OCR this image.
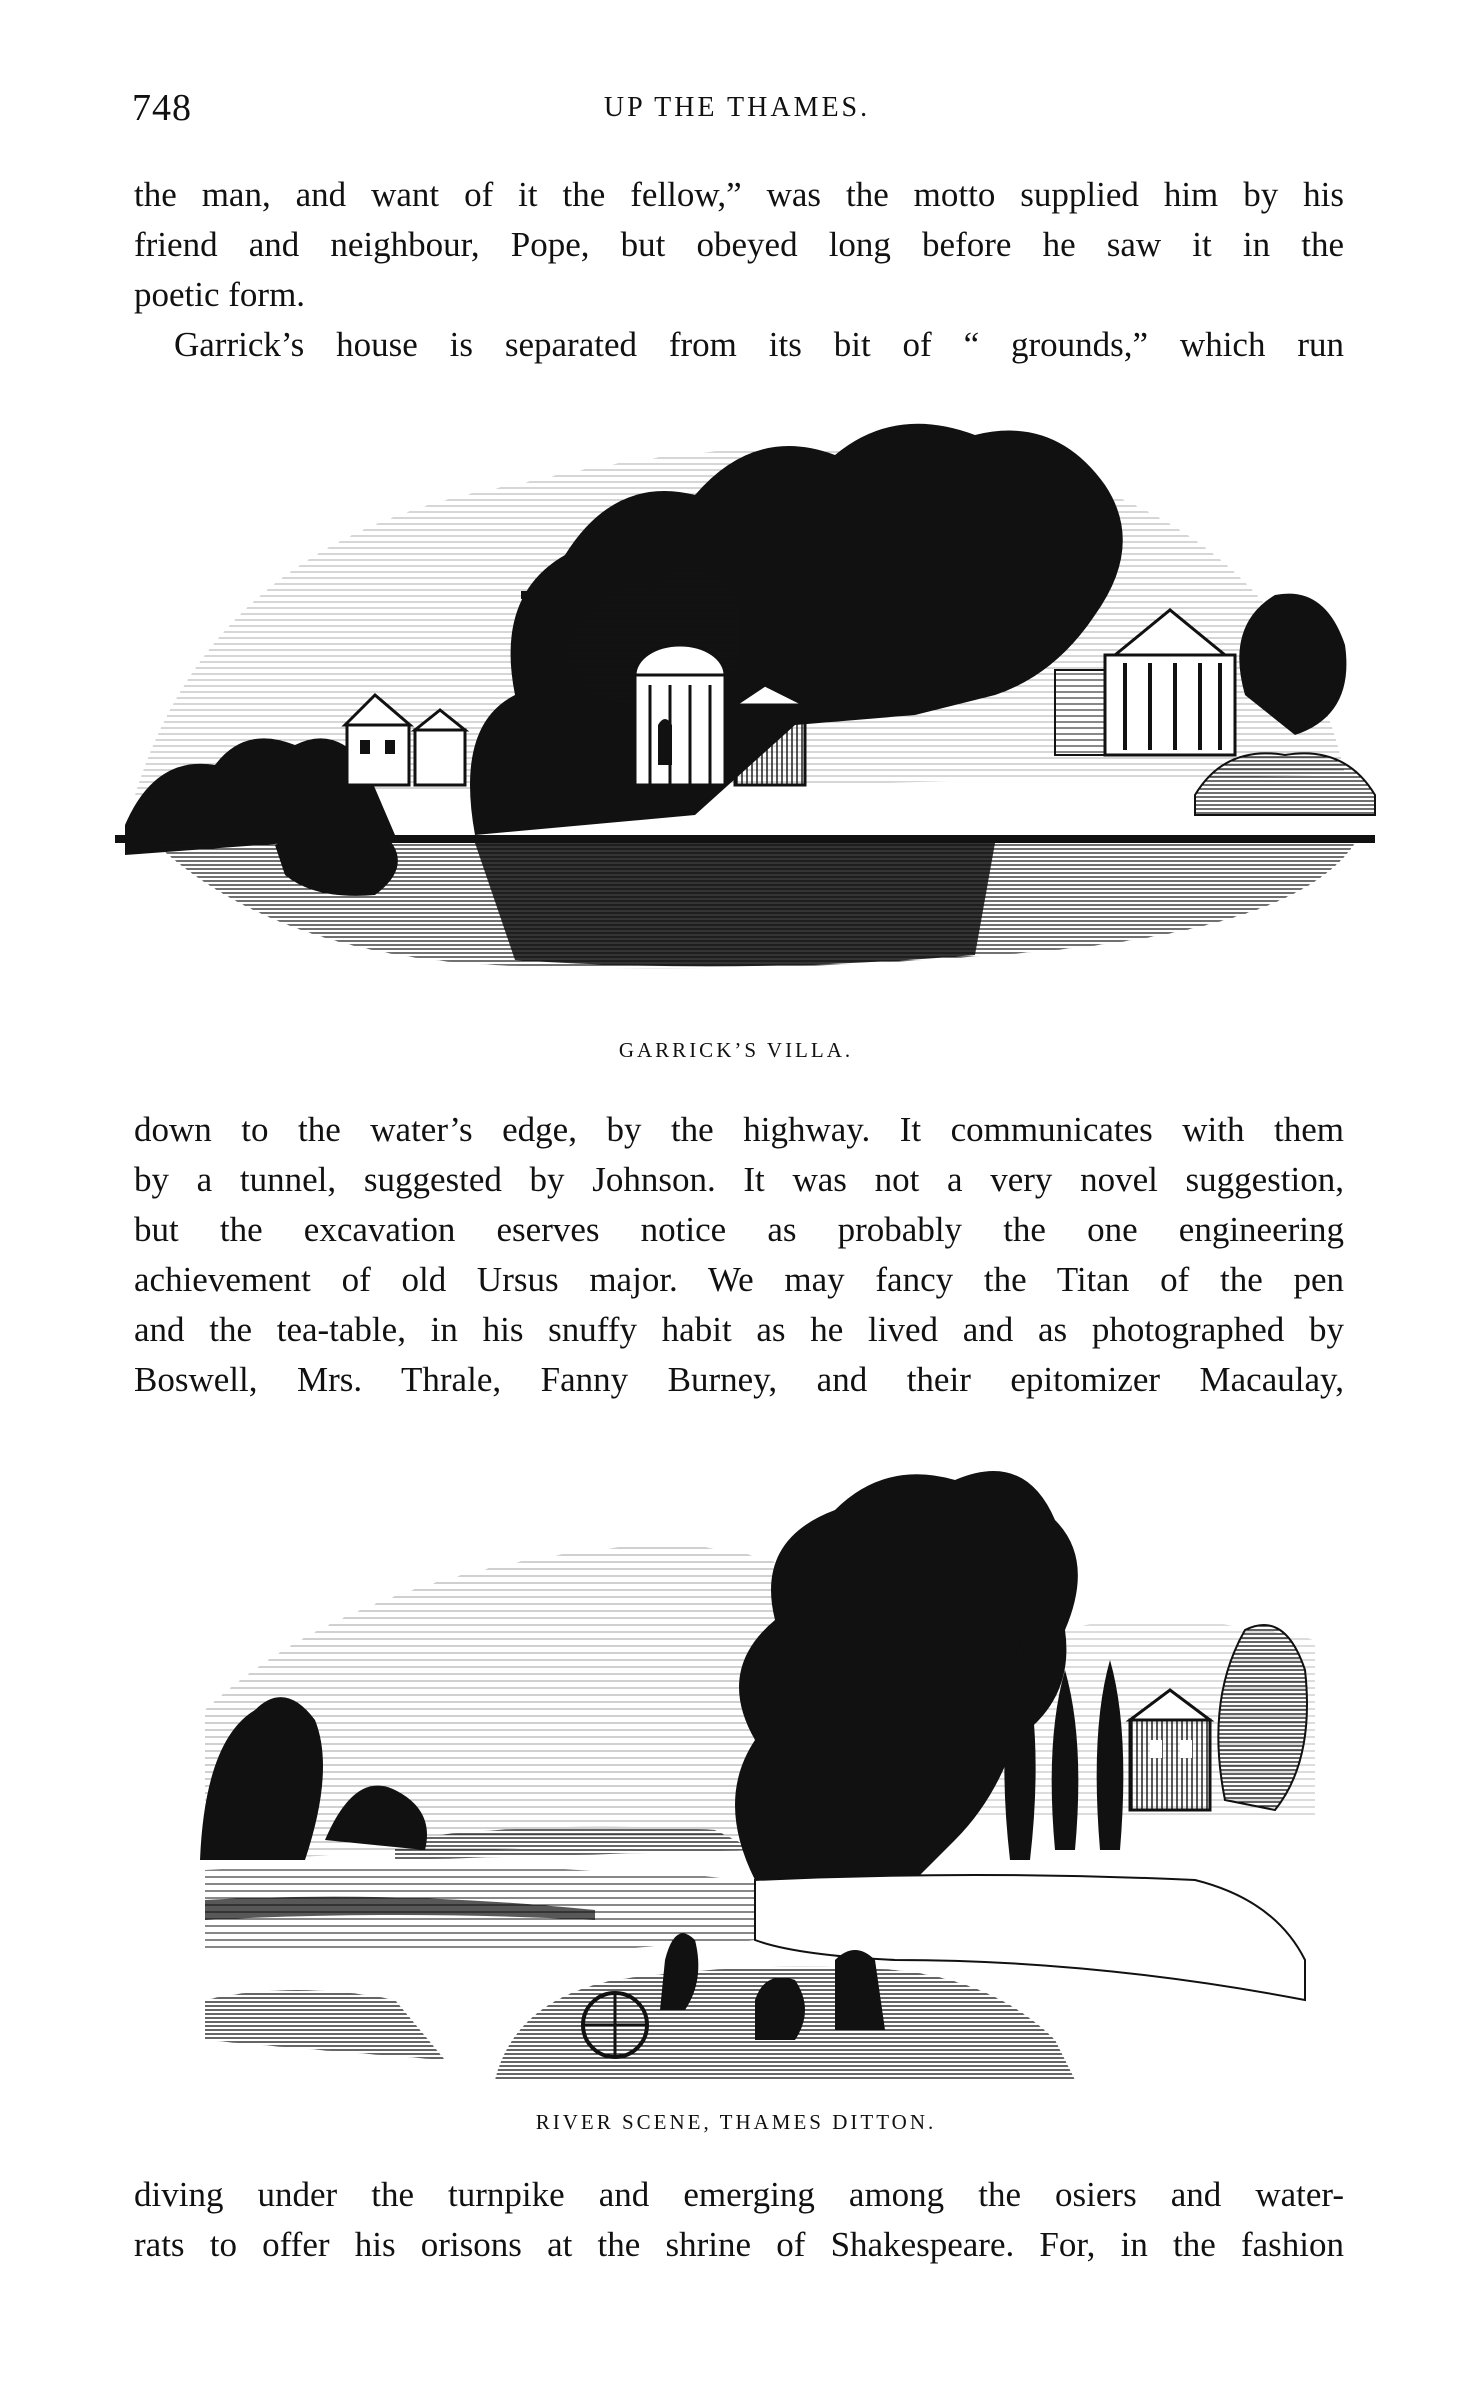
748	UP THE THAMES.

the man, and want of it the fellow,” was the motto supplied him by his
friend and neighbour, Pope, but obeyed long before he saw it in the
poetic form.

Garrick’s house is separated from its bit of “ grounds,” which run

GARRICK’S VILLA.

down to the water’s edge, by the highway. It communicates with them
by a tunnel, suggested by Johnson. It was not a very novel suggestion,
but the excavation eserves notice as probably the one engineering
achievement of old Ursus major. We may fancy the Titan of the pen
and the tea-table, in his snuffy habit as he lived and as photographed by
Boswell, Mrs. Thrale, Fanny Burney, and their epitomizer Macaulay,

RIVER SCENE, THAMES DITTON.

diving under the turnpike and emerging among the osiers and water-
rats to offer his orisons at the shrine of Shakespeare. For, in the fashion
